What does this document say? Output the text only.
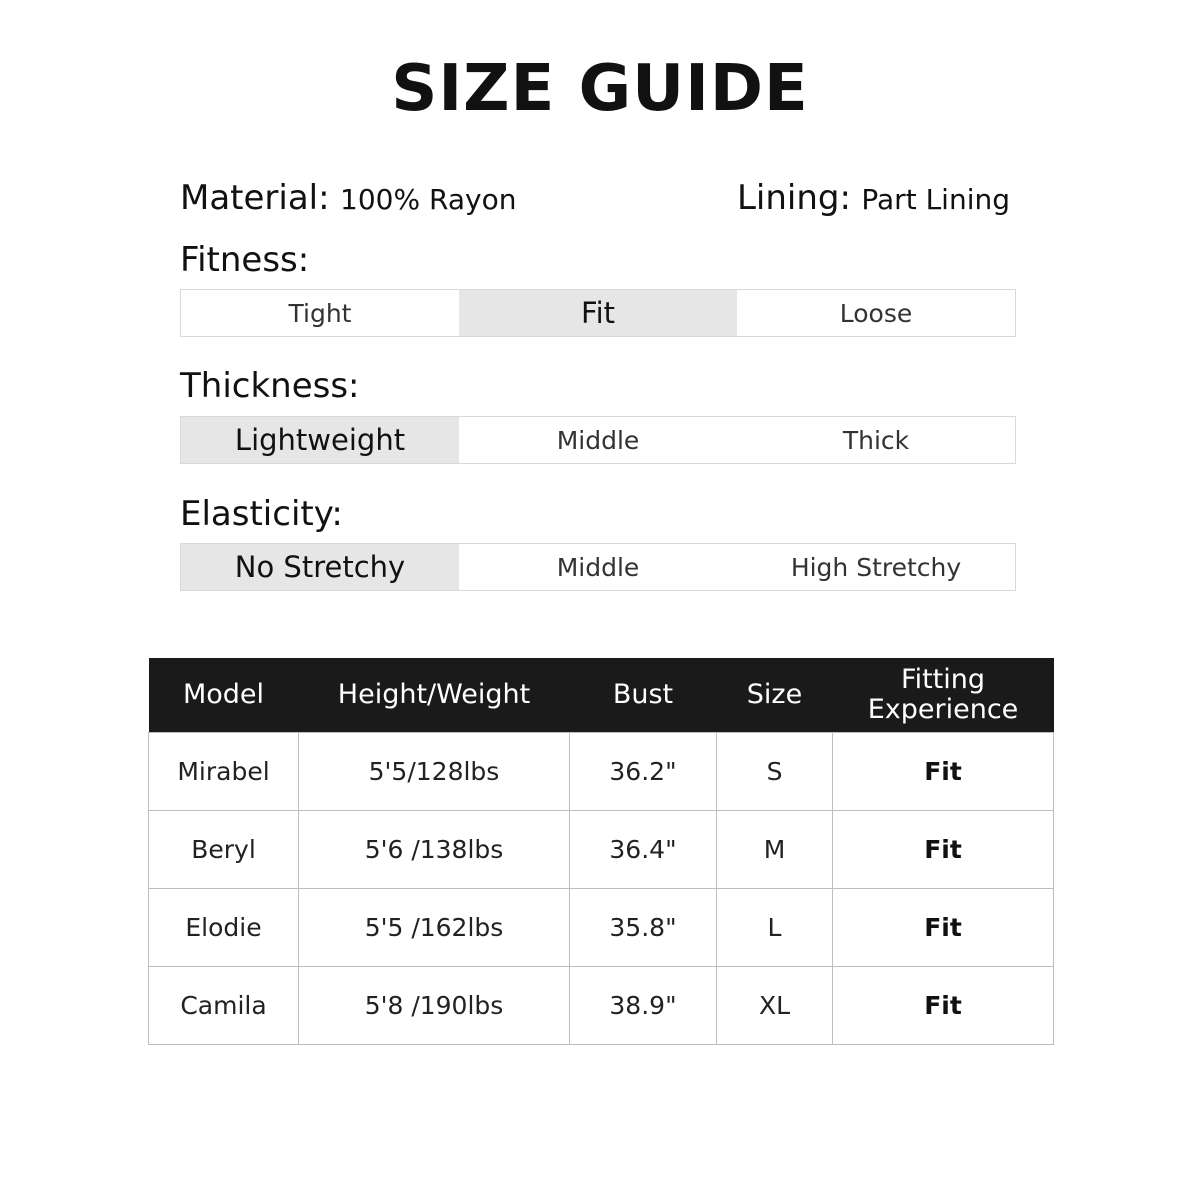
SIZE GUIDE
Material: 100% Rayon	Lining: Part Lining
Fitness:
Tight	Fit	Loose
Thickness:
Lightweight	Middle	Thick
Elasticity:
No Stretchy	Middle	High Stretchy
Model	Height/Weight	Bust	Size	Fitting Experience
Mirabel	5'5/128lbs	36.2"	S	Fit
Beryl	5'6 /138lbs	36.4"	M	Fit
Elodie	5'5 /162lbs	35.8"	L	Fit
Camila	5'8 /190lbs	38.9"	XL	Fit
